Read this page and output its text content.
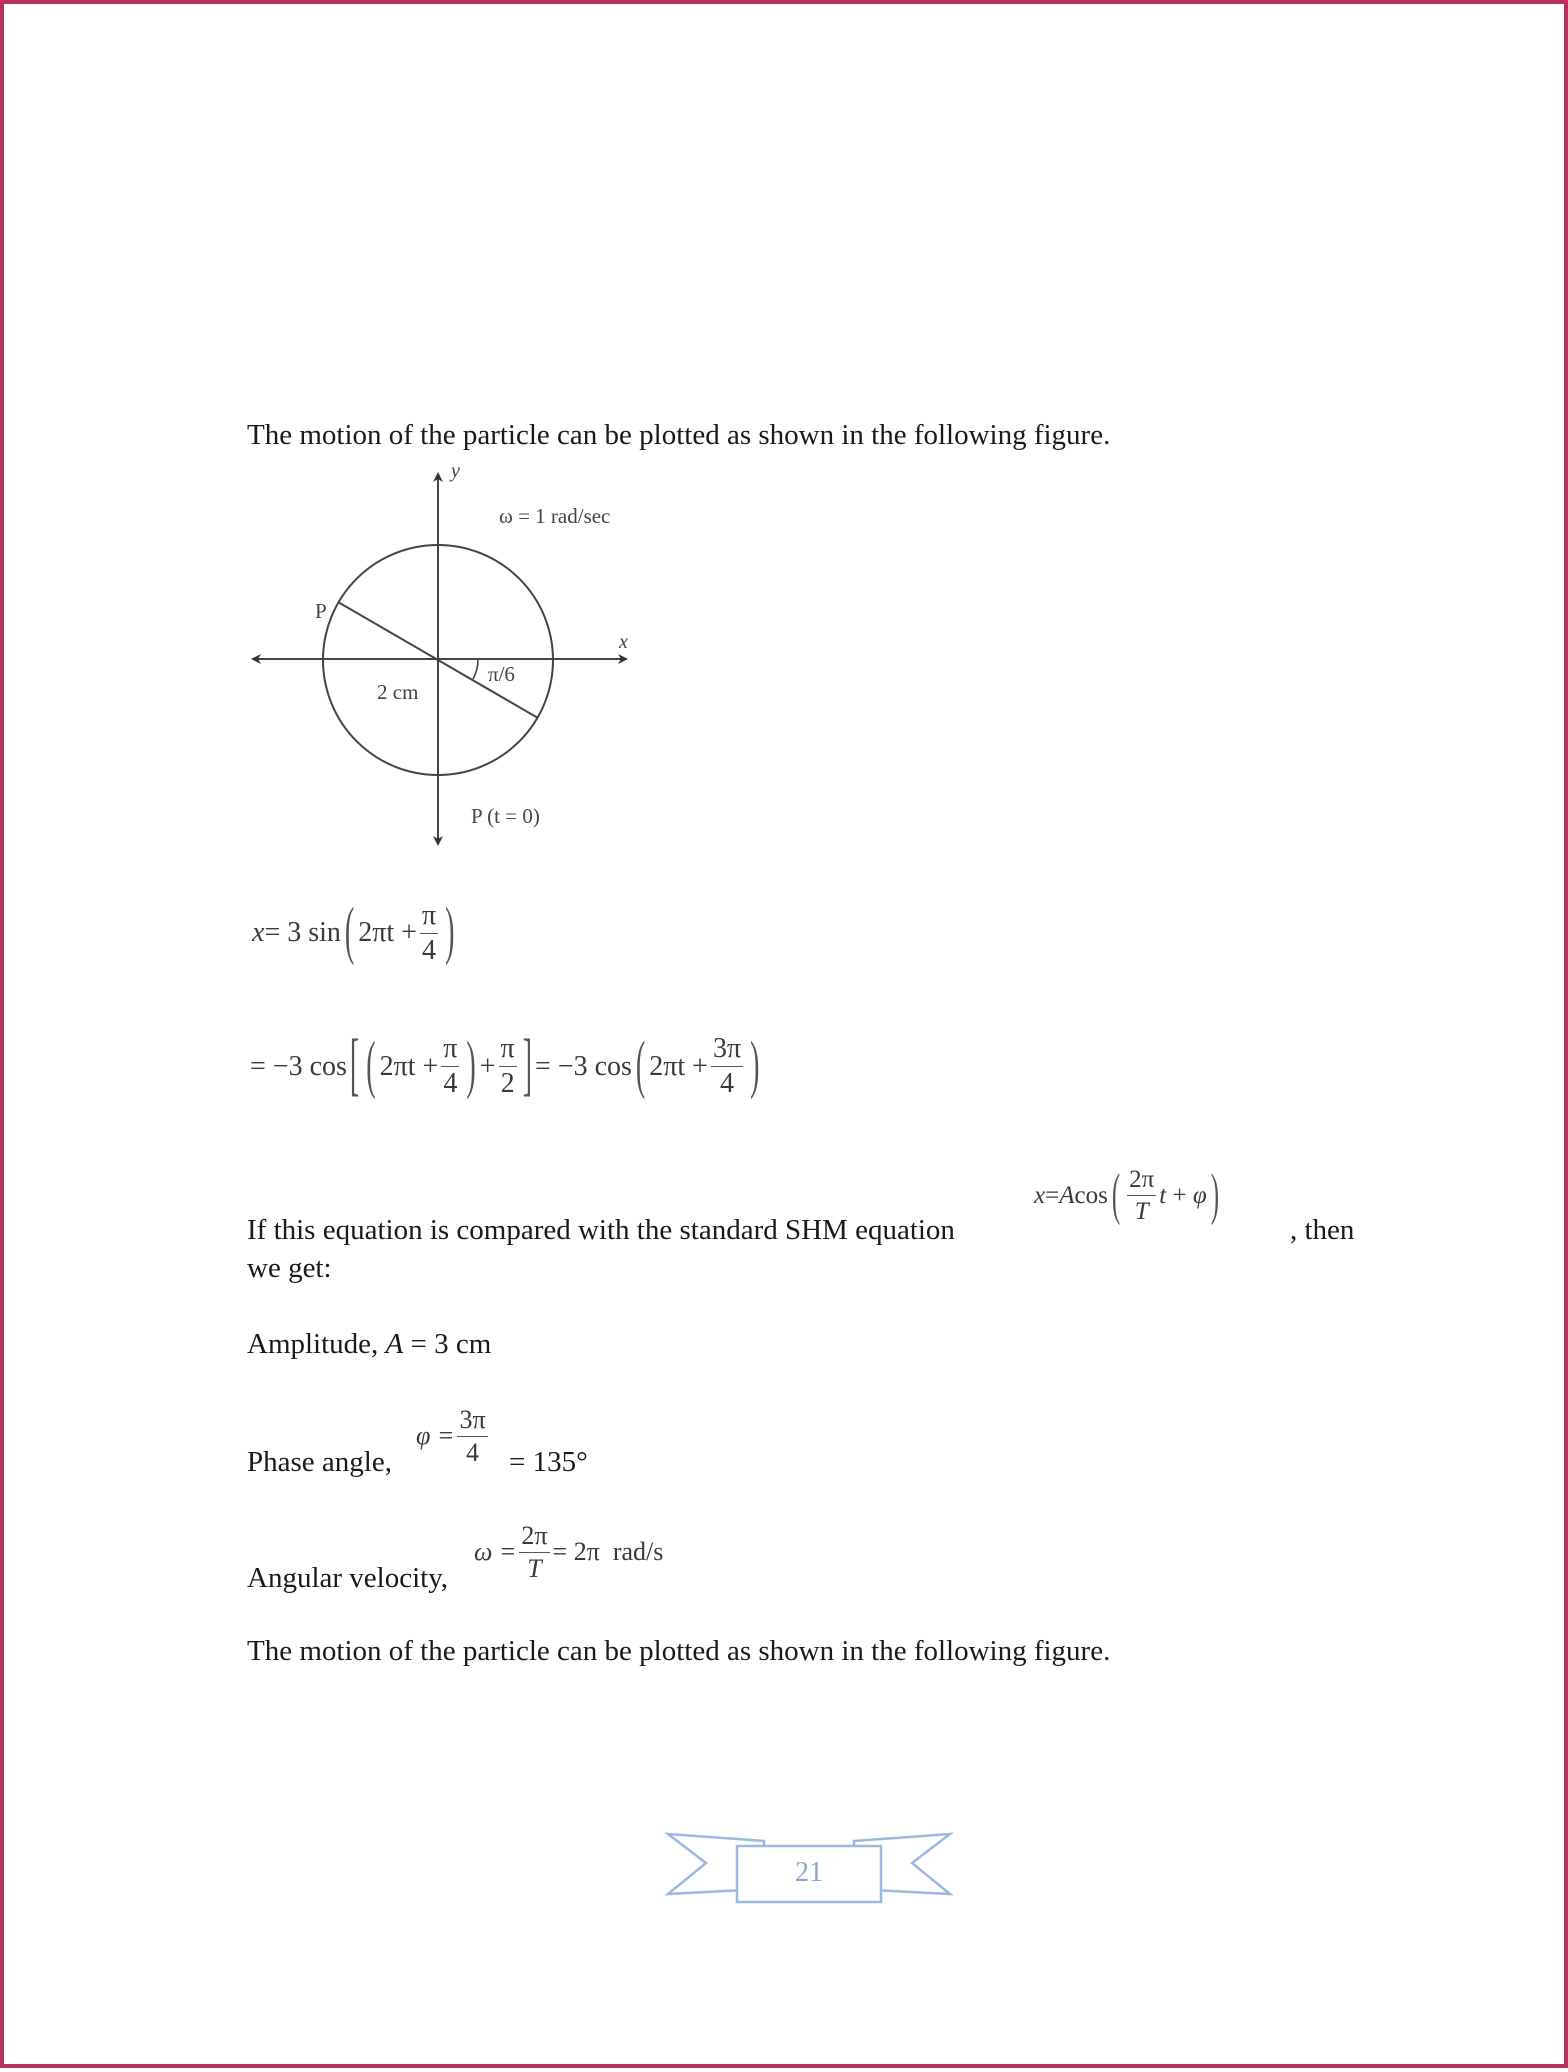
The motion of the particle can be plotted as shown in the following figure.
y
x
ω = 1 rad/sec
P
π/6
2 cm
P (t = 0)
x = 3 sin ( $2\pi t + \frac{\pi}{4}$ )
= −3 cos [ ( $2\pi t + \frac{\pi}{4}$ ) + $\frac{\pi}{2}$ ] = −3 cos ( $2\pi t + \frac{3\pi}{4}$ )
If this equation is compared with the standard SHM equation
x = A cos ( $\frac{2\pi}{T}$ t + φ )
, then
we get:
Amplitude, A = 3 cm
Phase angle,
$\varphi = \frac{3\pi}{4} = 135^\circ$
Angular velocity,
$\omega = \frac{2\pi}{T} = 2\pi$  rad/s
The motion of the particle can be plotted as shown in the following figure.
21
